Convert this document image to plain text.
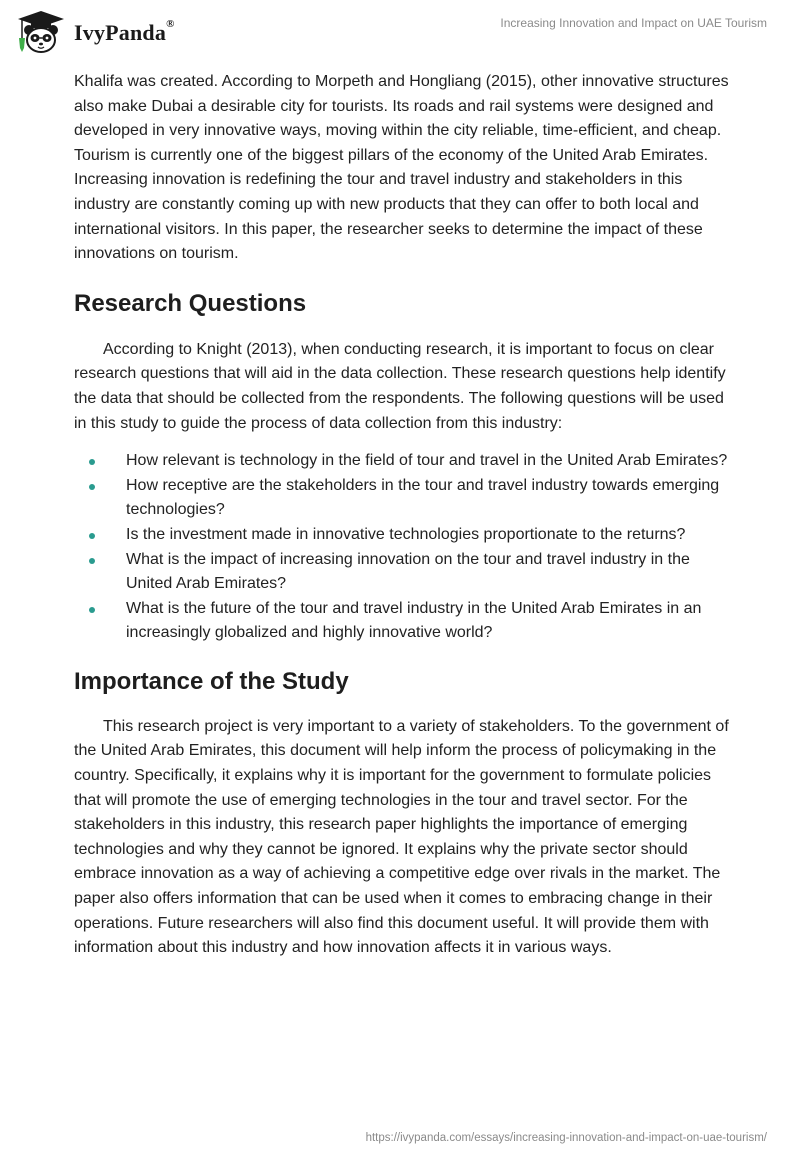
IvyPanda®	Increasing Innovation and Impact on UAE Tourism

Khalifa was created. According to Morpeth and Hongliang (2015), other innovative structures also make Dubai a desirable city for tourists. Its roads and rail systems were designed and developed in very innovative ways, moving within the city reliable, time-efficient, and cheap. Tourism is currently one of the biggest pillars of the economy of the United Arab Emirates. Increasing innovation is redefining the tour and travel industry and stakeholders in this industry are constantly coming up with new products that they can offer to both local and international visitors. In this paper, the researcher seeks to determine the impact of these innovations on tourism.

Research Questions

According to Knight (2013), when conducting research, it is important to focus on clear research questions that will aid in the data collection. These research questions help identify the data that should be collected from the respondents. The following questions will be used in this study to guide the process of data collection from this industry:

How relevant is technology in the field of tour and travel in the United Arab Emirates?
How receptive are the stakeholders in the tour and travel industry towards emerging technologies?
Is the investment made in innovative technologies proportionate to the returns?
What is the impact of increasing innovation on the tour and travel industry in the United Arab Emirates?
What is the future of the tour and travel industry in the United Arab Emirates in an increasingly globalized and highly innovative world?
Importance of the Study

This research project is very important to a variety of stakeholders. To the government of the United Arab Emirates, this document will help inform the process of policymaking in the country. Specifically, it explains why it is important for the government to formulate policies that will promote the use of emerging technologies in the tour and travel sector. For the stakeholders in this industry, this research paper highlights the importance of emerging technologies and why they cannot be ignored. It explains why the private sector should embrace innovation as a way of achieving a competitive edge over rivals in the market. The paper also offers information that can be used when it comes to embracing change in their operations. Future researchers will also find this document useful. It will provide them with information about this industry and how innovation affects it in various ways.

https://ivypanda.com/essays/increasing-innovation-and-impact-on-uae-tourism/
